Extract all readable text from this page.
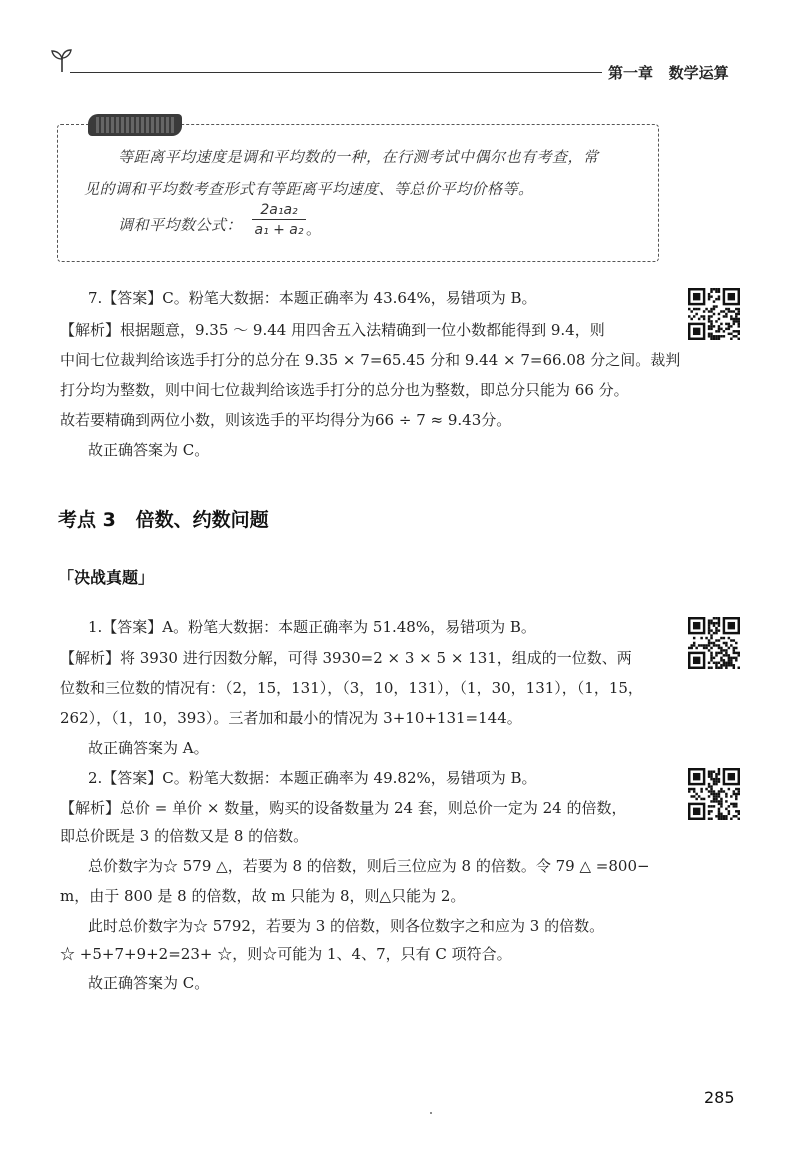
第一章   数学运算
等距离平均速度是调和平均数的一种，在行测考试中偶尔也有考查，常
见的调和平均数考查形式有等距离平均速度、等总价平均价格等。
调和平均数公式： $\frac{\text{2a₁a₂}}{\text{a₁ + a₂}}$ 。
7.【答案】C。粉笔大数据：本题正确率为 43.64%，易错项为 B。
【解析】根据题意，9.35 ～ 9.44 用四舍五入法精确到一位小数都能得到 9.4，则
中间七位裁判给该选手打分的总分在 9.35 × 7=65.45 分和 9.44 × 7=66.08 分之间。裁判
打分均为整数，则中间七位裁判给该选手打分的总分也为整数，即总分只能为 66 分。
故若要精确到两位小数，则该选手的平均得分为66 ÷ 7 ≈ 9.43分。
故正确答案为 C。
考点 3   倍数、约数问题
「决战真题」
1.【答案】A。粉笔大数据：本题正确率为 51.48%，易错项为 B。
【解析】将 3930 进行因数分解，可得 3930=2 × 3 × 5 × 131，组成的一位数、两
位数和三位数的情况有：（2，15，131），（3，10，131），（1，30，131），（1，15，
262），（1，10，393）。三者加和最小的情况为 3+10+131=144。
故正确答案为 A。
2.【答案】C。粉笔大数据：本题正确率为 49.82%，易错项为 B。
【解析】总价 = 单价 × 数量，购买的设备数量为 24 套，则总价一定为 24 的倍数，
即总价既是 3 的倍数又是 8 的倍数。
总价数字为☆ 579 △，若要为 8 的倍数，则后三位应为 8 的倍数。令 79 △ =800−
m，由于 800 是 8 的倍数，故 m 只能为 8，则△只能为 2。
此时总价数字为☆ 5792，若要为 3 的倍数，则各位数字之和应为 3 的倍数。
☆ +5+7+9+2=23+ ☆，则☆可能为 1、4、7，只有 C 项符合。
故正确答案为 C。
285
